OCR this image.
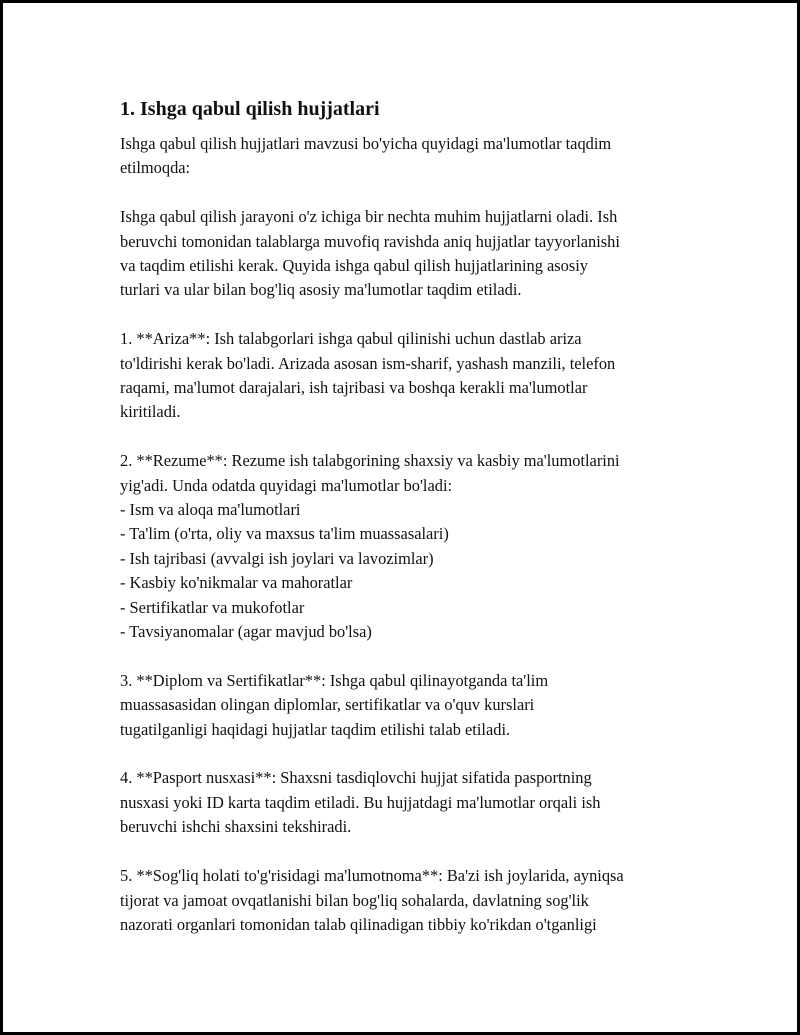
1. Ishga qabul qilish hujjatlari

Ishga qabul qilish hujjatlari mavzusi bo'yicha quyidagi ma'lumotlar taqdim
etilmoqda:

Ishga qabul qilish jarayoni o'z ichiga bir nechta muhim hujjatlarni oladi. Ish
beruvchi tomonidan talablarga muvofiq ravishda aniq hujjatlar tayyorlanishi
va taqdim etilishi kerak. Quyida ishga qabul qilish hujjatlarining asosiy
turlari va ular bilan bog'liq asosiy ma'lumotlar taqdim etiladi.

1. **Ariza**: Ish talabgorlari ishga qabul qilinishi uchun dastlab ariza
to'ldirishi kerak bo'ladi. Arizada asosan ism-sharif, yashash manzili, telefon
raqami, ma'lumot darajalari, ish tajribasi va boshqa kerakli ma'lumotlar
kiritiladi.

2. **Rezume**: Rezume ish talabgorining shaxsiy va kasbiy ma'lumotlarini
yig'adi. Unda odatda quyidagi ma'lumotlar bo'ladi:
- Ism va aloqa ma'lumotlari
- Ta'lim (o'rta, oliy va maxsus ta'lim muassasalari)
- Ish tajribasi (avvalgi ish joylari va lavozimlar)
- Kasbiy ko'nikmalar va mahoratlar
- Sertifikatlar va mukofotlar
- Tavsiyanomalar (agar mavjud bo'lsa)

3. **Diplom va Sertifikatlar**: Ishga qabul qilinayotganda ta'lim
muassasasidan olingan diplomlar, sertifikatlar va o'quv kurslari
tugatilganligi haqidagi hujjatlar taqdim etilishi talab etiladi.

4. **Pasport nusxasi**: Shaxsni tasdiqlovchi hujjat sifatida pasportning
nusxasi yoki ID karta taqdim etiladi. Bu hujjatdagi ma'lumotlar orqali ish
beruvchi ishchi shaxsini tekshiradi.

5. **Sog'liq holati to'g'risidagi ma'lumotnoma**: Ba'zi ish joylarida, ayniqsa
tijorat va jamoat ovqatlanishi bilan bog'liq sohalarda, davlatning sog'lik
nazorati organlari tomonidan talab qilinadigan tibbiy ko'rikdan o'tganligi
